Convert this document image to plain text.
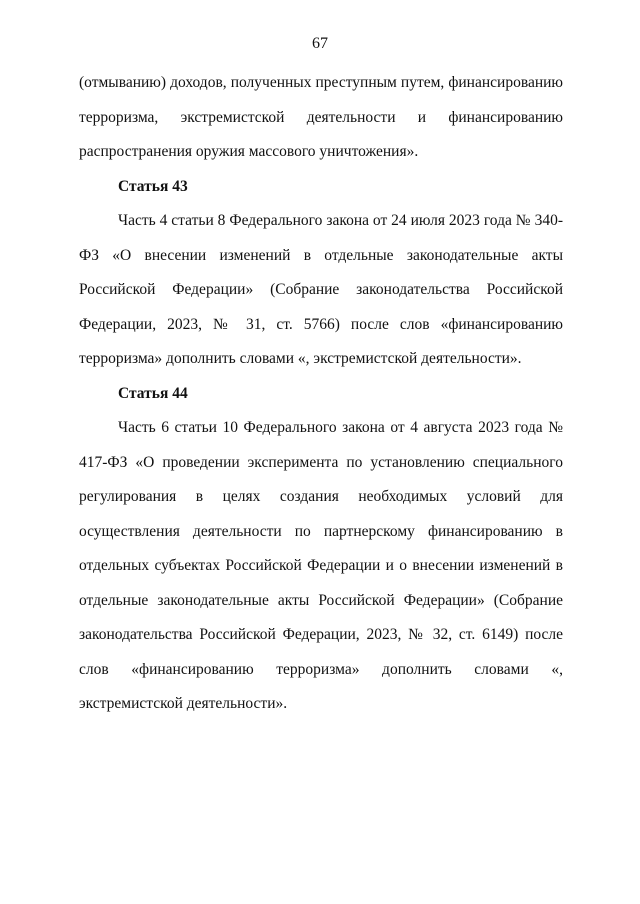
67

(отмыванию) доходов, полученных преступным путем, финансированию терроризма, экстремистской деятельности и финансированию распространения оружия массового уничтожения».

Статья 43

Часть 4 статьи 8 Федерального закона от 24 июля 2023 года № 340-ФЗ «О внесении изменений в отдельные законодательные акты Российской Федерации» (Собрание законодательства Российской Федерации, 2023, № 31, ст. 5766) после слов «финансированию терроризма» дополнить словами «, экстремистской деятельности».

Статья 44

Часть 6 статьи 10 Федерального закона от 4 августа 2023 года № 417-ФЗ «О проведении эксперимента по установлению специального регулирования в целях создания необходимых условий для осуществления деятельности по партнерскому финансированию в отдельных субъектах Российской Федерации и о внесении изменений в отдельные законодательные акты Российской Федерации» (Собрание законодательства Российской Федерации, 2023, № 32, ст. 6149) после слов «финансированию терроризма» дополнить словами «, экстремистской деятельности».
